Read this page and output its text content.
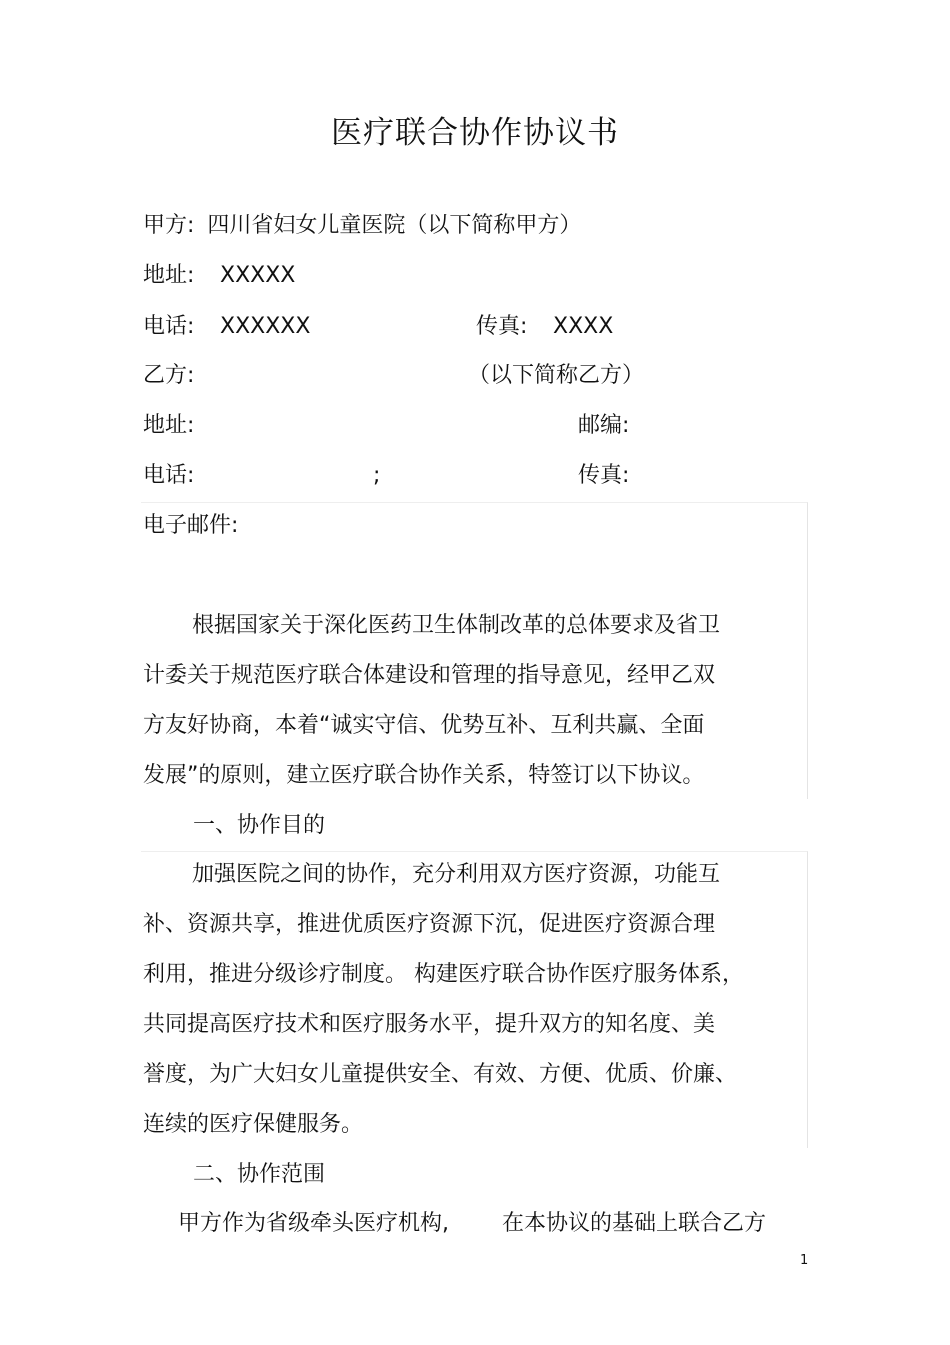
医疗联合协作协议书
甲方: 四川省妇女儿童医院（以下简称甲方）
地址: XXXXX
电话: XXXXXX	传真: XXXX
乙方:	（以下简称乙方）
地址:	邮编:
电话:	;	传真:
电子邮件:
根据国家关于深化医药卫生体制改革的总体要求及省卫
计委关于规范医疗联合体建设和管理的指导意见，经甲乙双
方友好协商，本着“诚实守信、优势互补、互利共赢、全面
发展”的原则，建立医疗联合协作关系，特签订以下协议。
一、协作目的
加强医院之间的协作，充分利用双方医疗资源，功能互
补、资源共享，推进优质医疗资源下沉，促进医疗资源合理
利用，推进分级诊疗制度。 构建医疗联合协作医疗服务体系，
共同提高医疗技术和医疗服务水平，提升双方的知名度、美
誉度，为广大妇女儿童提供安全、有效、方便、优质、价廉、
连续的医疗保健服务。
二、协作范围
甲方作为省级牵头医疗机构, 在本协议的基础上联合乙方
1
